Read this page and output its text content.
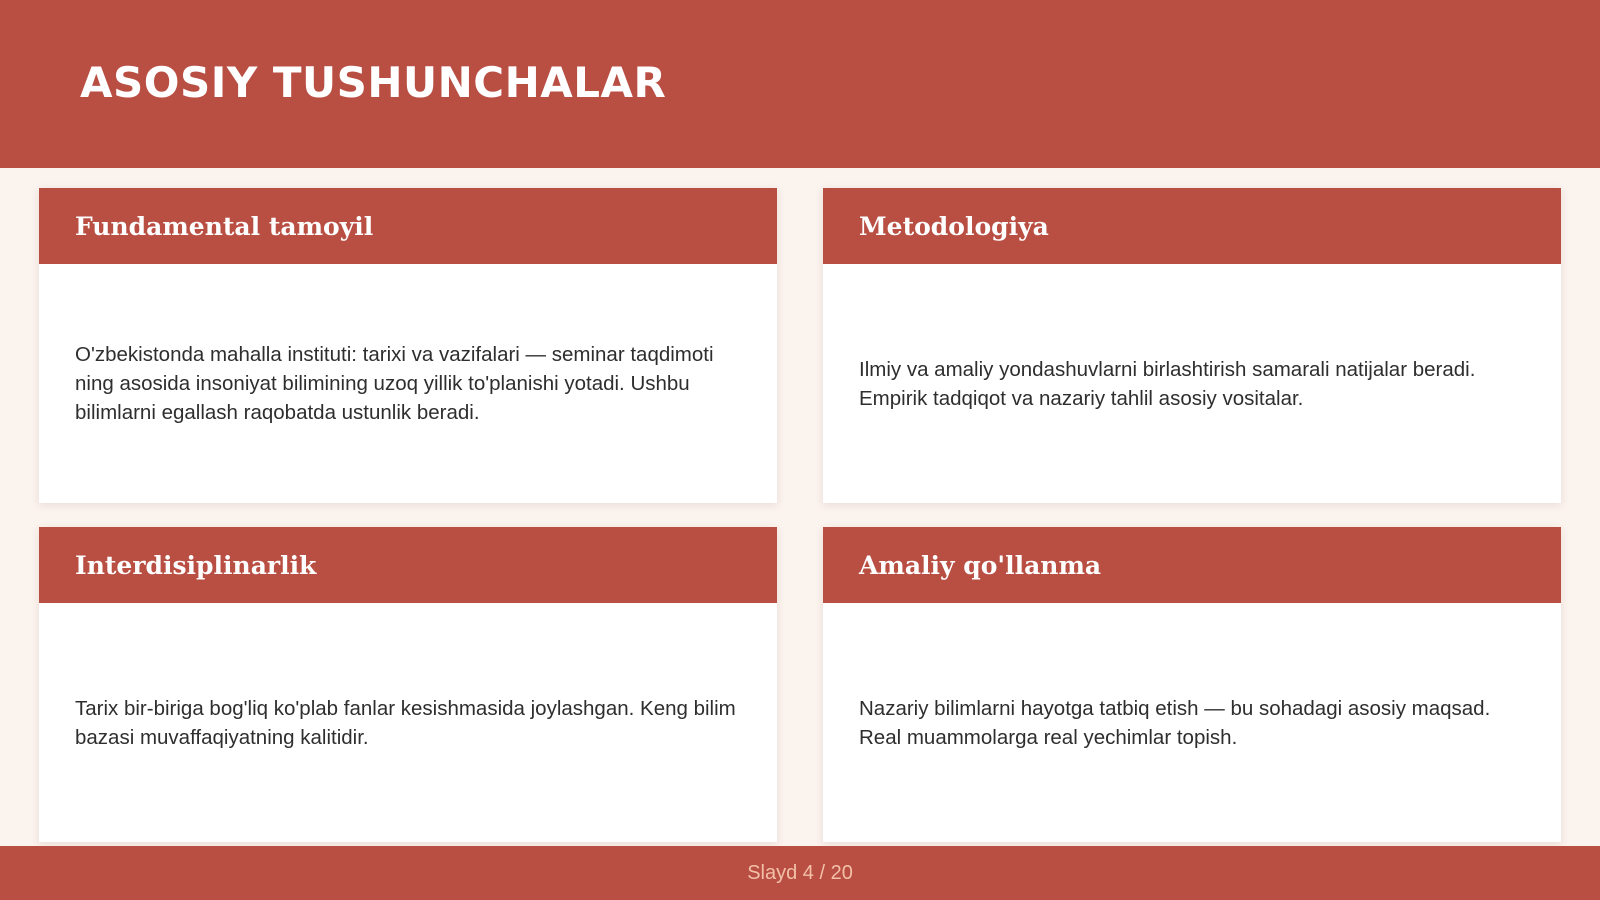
ASOSIY TUSHUNCHALAR
Fundamental tamoyil

O'zbekistonda mahalla instituti: tarixi va vazifalari — seminar taqdimoti ning asosida insoniyat bilimining uzoq yillik to'planishi yotadi. Ushbu bilimlarni egallash raqobatda ustunlik beradi.

Metodologiya

Ilmiy va amaliy yondashuvlarni birlashtirish samarali natijalar beradi. Empirik tadqiqot va nazariy tahlil asosiy vositalar.

Interdisiplinarlik

Tarix bir-biriga bog'liq ko'plab fanlar kesishmasida joylashgan. Keng bilim bazasi muvaffaqiyatning kalitidir.

Amaliy qo'llanma

Nazariy bilimlarni hayotga tatbiq etish — bu sohadagi asosiy maqsad. Real muammolarga real yechimlar topish.

Slayd 4 / 20
